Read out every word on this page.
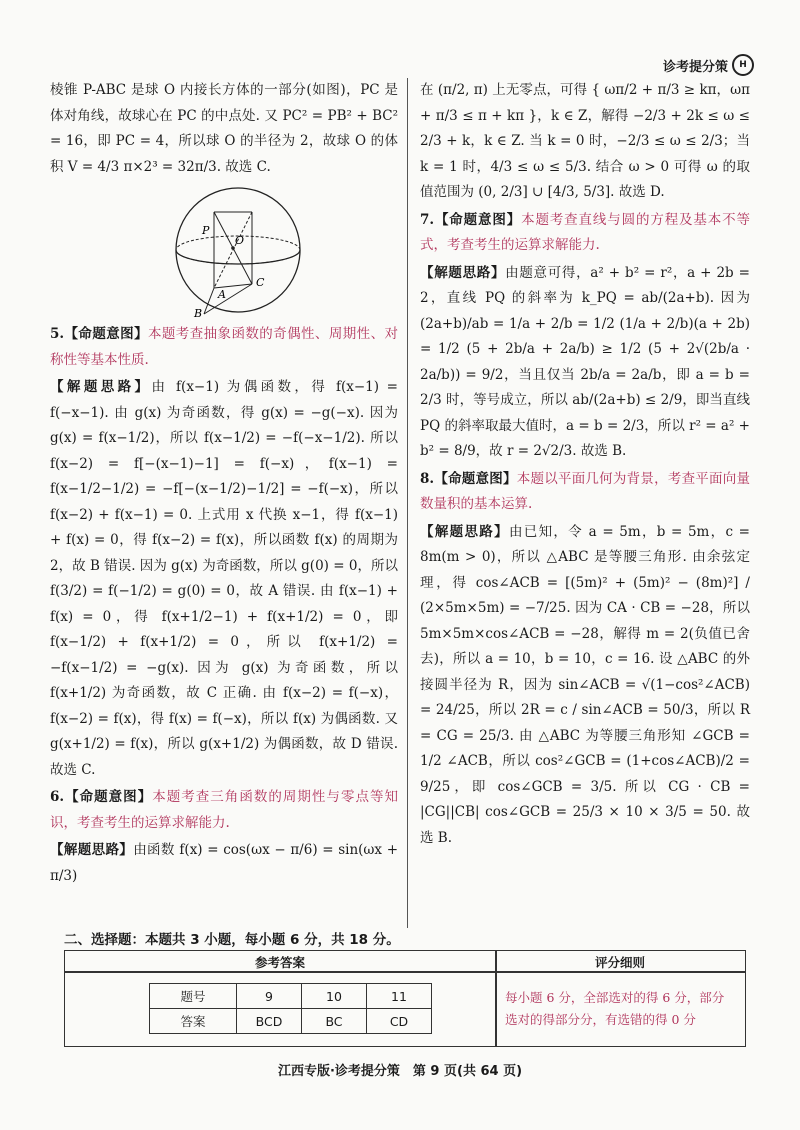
诊考提分策	H

棱锥 P-ABC 是球 O 内接长方体的一部分(如图)，PC 是体对角线，故球心在 PC 的中点处. 又 PC² = PB² + BC² = 16，即 PC = 4，所以球 O 的半径为 2，故球 O 的体积 V = 4/3 π×2³ = 32π/3. 故选 C.

P
O
A
C
B

5.【命题意图】本题考查抽象函数的奇偶性、周期性、对称性等基本性质.

【解题思路】由 f(x−1) 为偶函数，得 f(x−1) = f(−x−1). 由 g(x) 为奇函数，得 g(x) = −g(−x). 因为 g(x) = f(x−1/2)，所以 f(x−1/2) = −f(−x−1/2). 所以 f(x−2) = f[−(x−1)−1] = f(−x)，f(x−1) = f(x−1/2−1/2) = −f[−(x−1/2)−1/2] = −f(−x)，所以 f(x−2) + f(x−1) = 0. 上式用 x 代换 x−1，得 f(x−1) + f(x) = 0，得 f(x−2) = f(x)，所以函数 f(x) 的周期为 2，故 B 错误. 因为 g(x) 为奇函数，所以 g(0) = 0，所以 f(3/2) = f(−1/2) = g(0) = 0，故 A 错误. 由 f(x−1) + f(x) = 0，得 f(x+1/2−1) + f(x+1/2) = 0，即 f(x−1/2) + f(x+1/2) = 0，所以 f(x+1/2) = −f(x−1/2) = −g(x). 因为 g(x) 为奇函数，所以 f(x+1/2) 为奇函数，故 C 正确. 由 f(x−2) = f(−x)，f(x−2) = f(x)，得 f(x) = f(−x)，所以 f(x) 为偶函数. 又 g(x+1/2) = f(x)，所以 g(x+1/2) 为偶函数，故 D 错误. 故选 C.

6.【命题意图】本题考查三角函数的周期性与零点等知识，考查考生的运算求解能力.

【解题思路】由函数 f(x) = cos(ωx − π/6) = sin(ωx + π/3)

在 (π/2, π) 上无零点，可得 { ωπ/2 + π/3 ≥ kπ，ωπ + π/3 ≤ π + kπ }，k ∈ Z，解得 −2/3 + 2k ≤ ω ≤ 2/3 + k，k ∈ Z. 当 k = 0 时，−2/3 ≤ ω ≤ 2/3；当 k = 1 时，4/3 ≤ ω ≤ 5/3. 结合 ω > 0 可得 ω 的取值范围为 (0, 2/3] ∪ [4/3, 5/3]. 故选 D.

7.【命题意图】本题考查直线与圆的方程及基本不等式，考查考生的运算求解能力.

【解题思路】由题意可得，a² + b² = r²，a + 2b = 2，直线 PQ 的斜率为 k_PQ = ab/(2a+b). 因为 (2a+b)/ab = 1/a + 2/b = 1/2 (1/a + 2/b)(a + 2b) = 1/2 (5 + 2b/a + 2a/b) ≥ 1/2 (5 + 2√(2b/a · 2a/b)) = 9/2，当且仅当 2b/a = 2a/b，即 a = b = 2/3 时，等号成立，所以 ab/(2a+b) ≤ 2/9，即当直线 PQ 的斜率取最大值时，a = b = 2/3，所以 r² = a² + b² = 8/9，故 r = 2√2/3. 故选 B.

8.【命题意图】本题以平面几何为背景，考查平面向量数量积的基本运算.

【解题思路】由已知，令 a = 5m，b = 5m，c = 8m(m > 0)，所以 △ABC 是等腰三角形. 由余弦定理，得 cos∠ACB = [(5m)² + (5m)² − (8m)²] / (2×5m×5m) = −7/25. 因为 CA · CB = −28，所以 5m×5m×cos∠ACB = −28，解得 m = 2(负值已舍去)，所以 a = 10，b = 10，c = 16. 设 △ABC 的外接圆半径为 R，因为 sin∠ACB = √(1−cos²∠ACB) = 24/25，所以 2R = c / sin∠ACB = 50/3，所以 R = CG = 25/3. 由 △ABC 为等腰三角形知 ∠GCB = 1/2 ∠ACB，所以 cos²∠GCB = (1+cos∠ACB)/2 = 9/25，即 cos∠GCB = 3/5. 所以 CG · CB = |CG||CB| cos∠GCB = 25/3 × 10 × 3/5 = 50. 故选 B.

二、选择题：本题共 3 小题，每小题 6 分，共 18 分。
参考答案	评分细则
题号	9	10	11
答案	BCD	BC	CD
每小题 6 分，全部选对的得 6 分，部分选对的得部分分，有选错的得 0 分
江西专版·诊考提分策　第 9 页(共 64 页)
